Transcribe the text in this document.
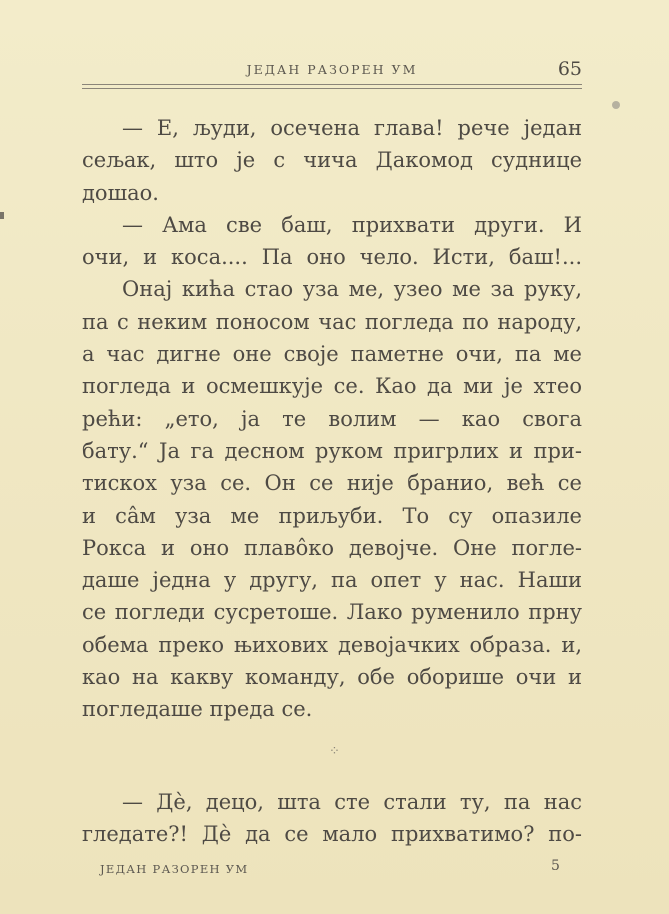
ЈЕДАН РАЗОРЕН УМ	65
— Е, људи, осечена глава! рече један
сељак, што је с чича Дакомод суднице
дошао.
— Ама све баш, прихвати други. И
очи, и коса.... Па оно чело. Исти, баш!...
Онај кића стао уза ме, узео ме за руку,
па с неким поносом час погледа по народу,
а час дигне оне своје паметне очи, па ме
погледа и осмешкује се. Као да ми је хтео
рећи: „ето, ја те волим — као свога
бату.“ Ја га десном руком пригрлих и при-
тискох уза се. Он се није бранио, већ се
и сâм уза ме приљуби. То су опазиле
Рокса и оно плавôко девојче. Оне погле-
даше једна у другу, па опет у нас. Наши
се погледи сусретоше. Лако руменило прну
обема преко њихових девојачких образа. и,
као на какву команду, обе оборише очи и
погледаше преда се.
⁘
— Дѐ, децо, шта сте стали ту, па нас
гледате?! Дѐ да се мало прихватимо? по-
ЈЕДАН РАЗОРЕН УМ	5
